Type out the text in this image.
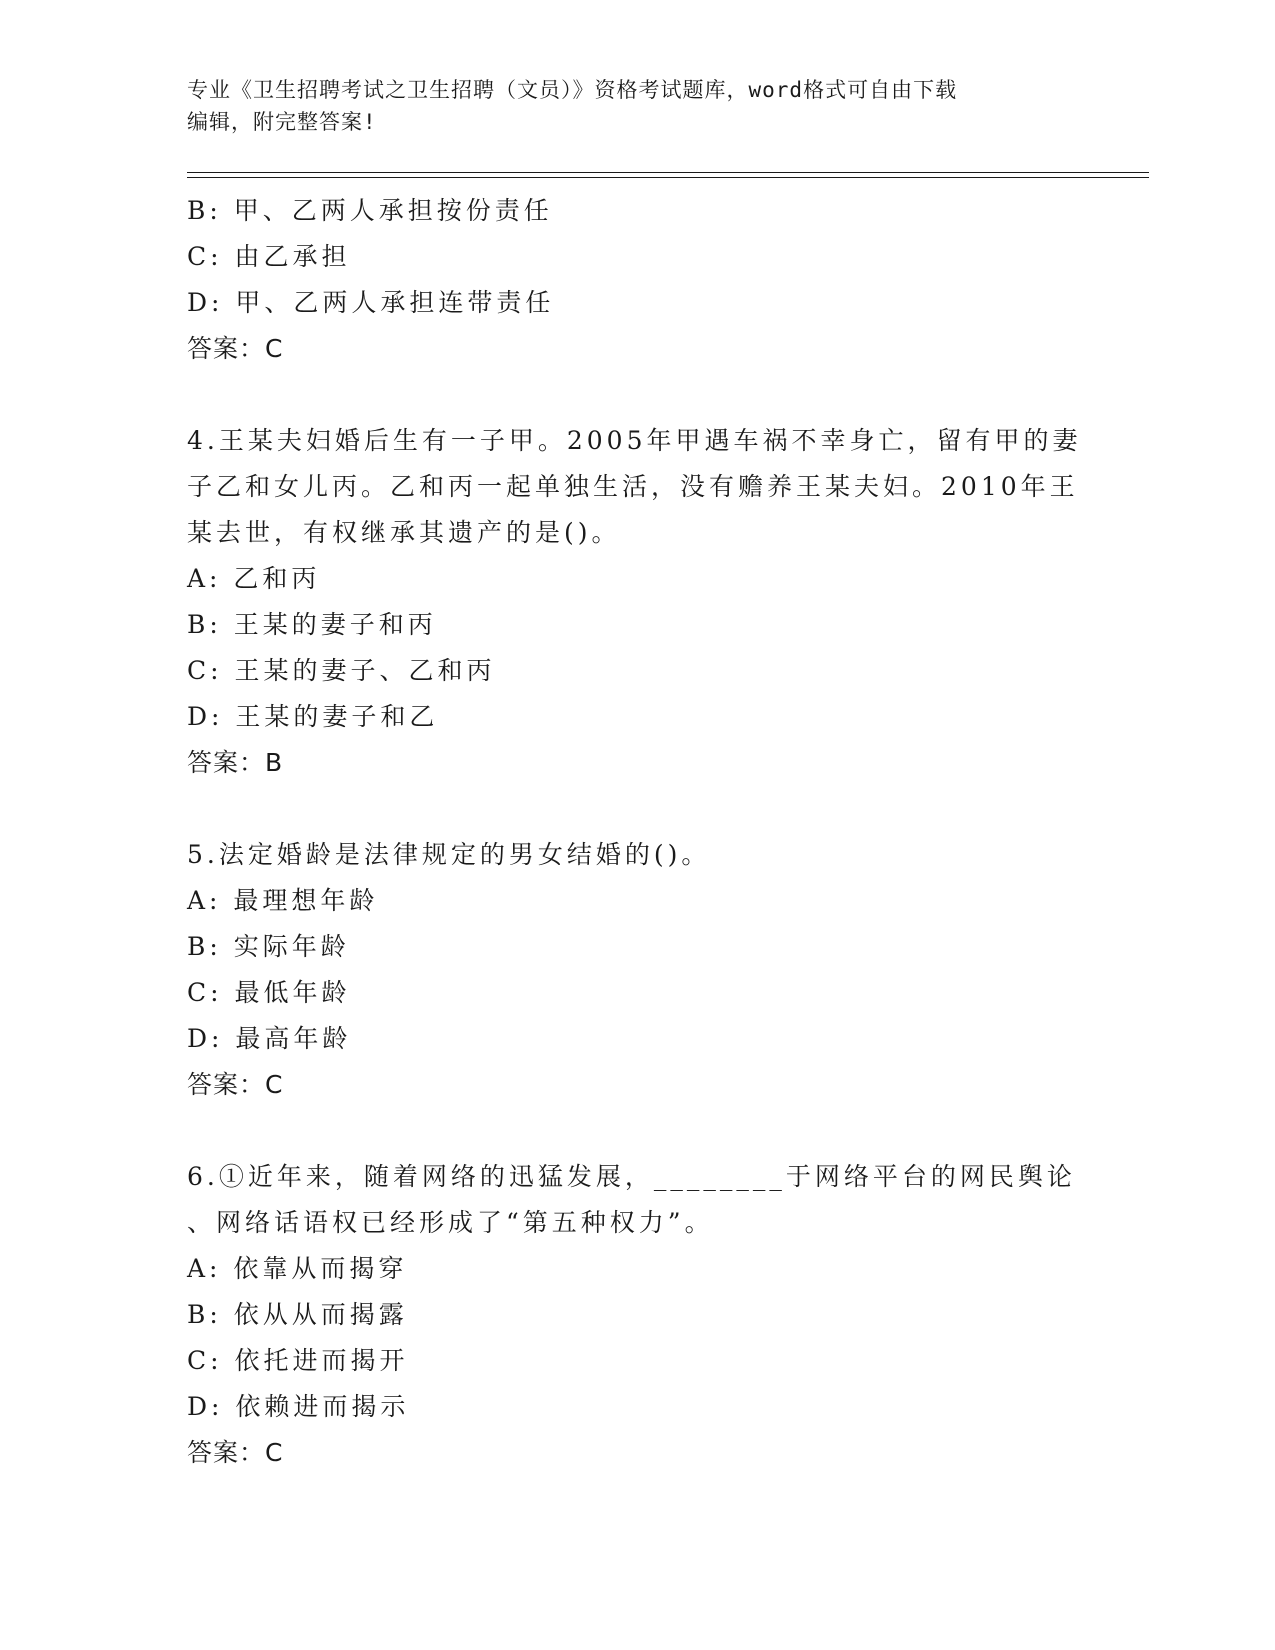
专业《卫生招聘考试之卫生招聘（文员）》资格考试题库，word格式可自由下载
编辑，附完整答案!
B: 甲、乙两人承担按份责任
C: 由乙承担
D: 甲、乙两人承担连带责任
答案：C
4.王某夫妇婚后生有一子甲。2005年甲遇车祸不幸身亡，留有甲的妻
子乙和女儿丙。乙和丙一起单独生活，没有赡养王某夫妇。2010年王
某去世，有权继承其遗产的是()。
A: 乙和丙
B: 王某的妻子和丙
C: 王某的妻子、乙和丙
D: 王某的妻子和乙
答案：B
5.法定婚龄是法律规定的男女结婚的()。
A: 最理想年龄
B: 实际年龄
C: 最低年龄
D: 最高年龄
答案：C
6.①近年来，随着网络的迅猛发展，________于网络平台的网民舆论
、网络话语权已经形成了“第五种权力”。
A: 依靠从而揭穿
B: 依从从而揭露
C: 依托进而揭开
D: 依赖进而揭示
答案：C
